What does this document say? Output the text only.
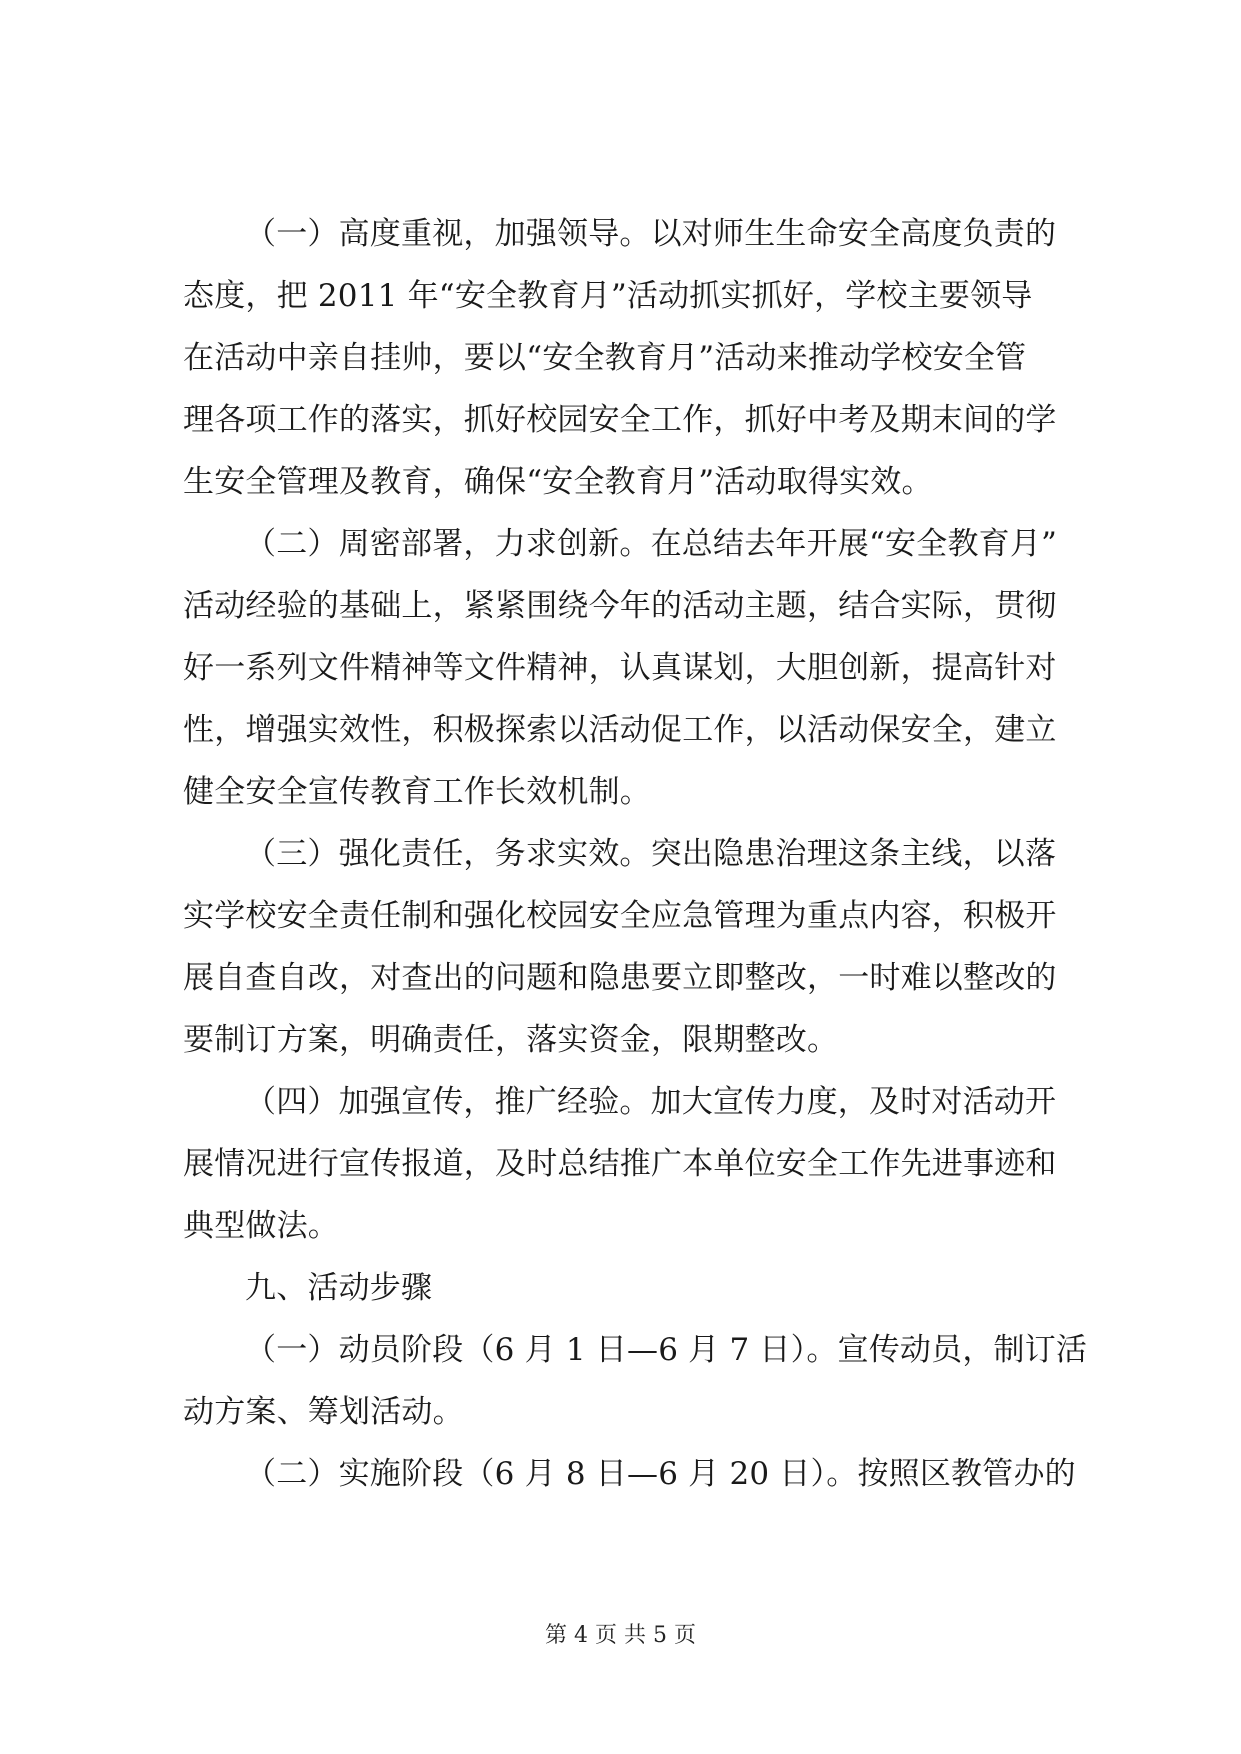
（一）高度重视，加强领导。以对师生生命安全高度负责的
态度，把 2011 年“安全教育月”活动抓实抓好，学校主要领导
在活动中亲自挂帅，要以“安全教育月”活动来推动学校安全管
理各项工作的落实，抓好校园安全工作，抓好中考及期末间的学
生安全管理及教育，确保“安全教育月”活动取得实效。
（二）周密部署，力求创新。在总结去年开展“安全教育月”
活动经验的基础上，紧紧围绕今年的活动主题，结合实际，贯彻
好一系列文件精神等文件精神，认真谋划，大胆创新，提高针对
性，增强实效性，积极探索以活动促工作，以活动保安全，建立
健全安全宣传教育工作长效机制。
（三）强化责任，务求实效。突出隐患治理这条主线，以落
实学校安全责任制和强化校园安全应急管理为重点内容，积极开
展自查自改，对查出的问题和隐患要立即整改，一时难以整改的
要制订方案，明确责任，落实资金，限期整改。
（四）加强宣传，推广经验。加大宣传力度，及时对活动开
展情况进行宣传报道，及时总结推广本单位安全工作先进事迹和
典型做法。
九、活动步骤
（一）动员阶段（6 月 1 日—6 月 7 日）。宣传动员，制订活
动方案、筹划活动。
（二）实施阶段（6 月 8 日—6 月 20 日）。按照区教管办的
第 4 页 共 5 页
